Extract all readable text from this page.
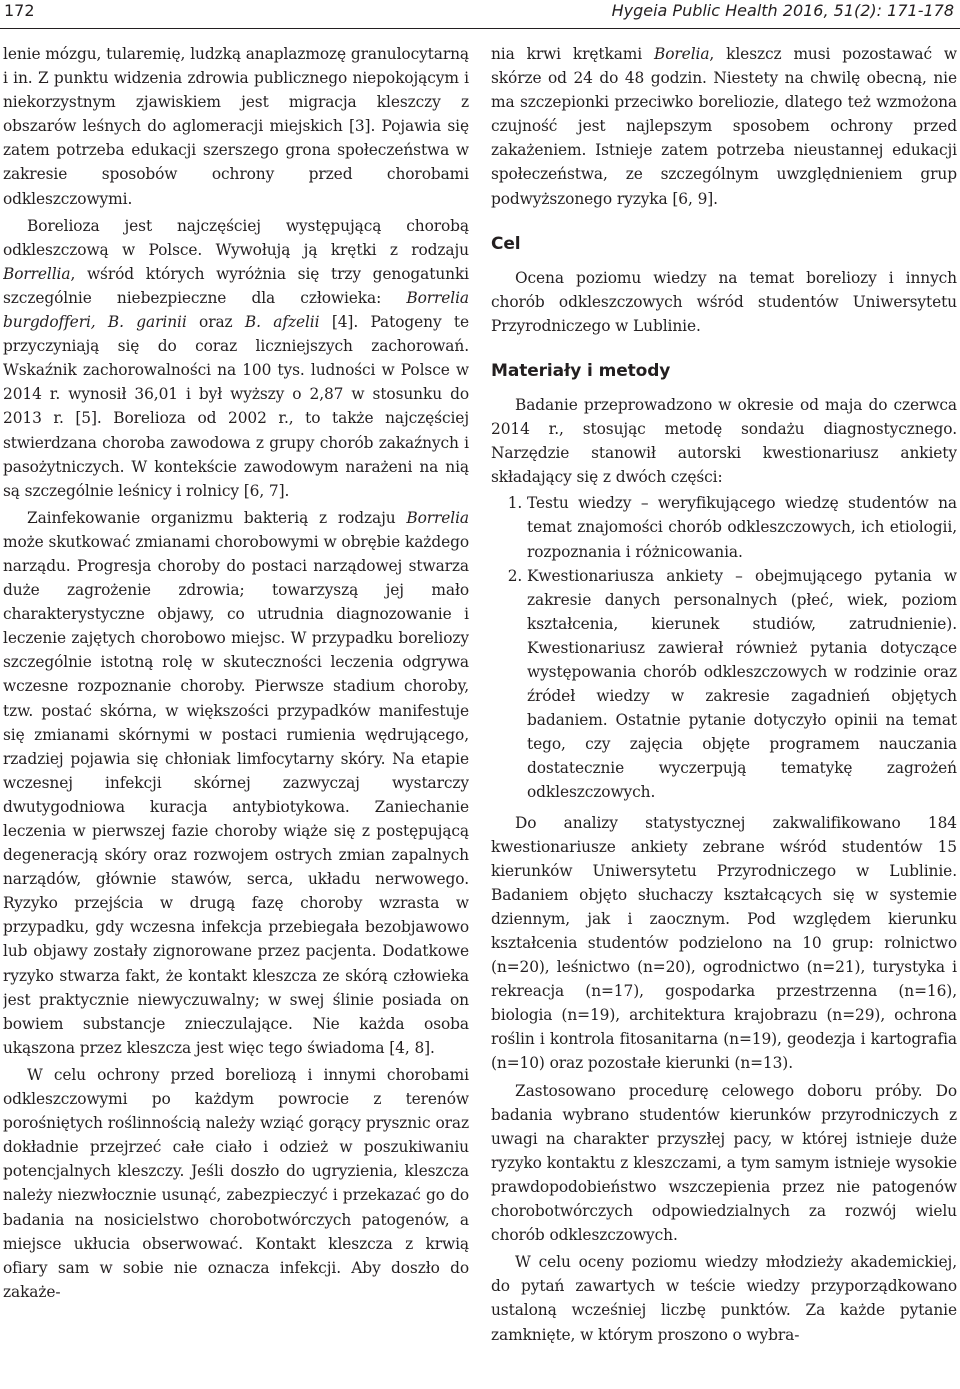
172	Hygeia Public Health 2016, 51(2): 171-178

lenie mózgu, tularemię, ludzką anaplazmozę granulocytarną i in. Z punktu widzenia zdrowia publicznego niepokojącym i niekorzystnym zjawiskiem jest migracja kleszczy z obszarów leśnych do aglomeracji miejskich [3]. Pojawia się zatem potrzeba edukacji szerszego grona społeczeństwa w zakresie sposobów ochrony przed chorobami odkleszczowymi.

Borelioza jest najczęściej występującą chorobą odkleszczową w Polsce. Wywołują ją krętki z rodzaju Borrellia, wśród których wyróżnia się trzy genogatunki szczególnie niebezpieczne dla człowieka: Borrelia burgdofferi, B. garinii oraz B. afzelii [4]. Patogeny te przyczyniają się do coraz liczniejszych zachorowań. Wskaźnik zachorowalności na 100 tys. ludności w Polsce w 2014 r. wynosił 36,01 i był wyższy o 2,87 w stosunku do 2013 r. [5]. Borelioza od 2002 r., to także najczęściej stwierdzana choroba zawodowa z grupy chorób zakaźnych i pasożytniczych. W kontekście zawodowym narażeni na nią są szczególnie leśnicy i rolnicy [6, 7].

Zainfekowanie organizmu bakterią z rodzaju Borrelia może skutkować zmianami chorobowymi w obrębie każdego narządu. Progresja choroby do postaci narządowej stwarza duże zagrożenie zdrowia; towarzyszą jej mało charakterystyczne objawy, co utrudnia diagnozowanie i leczenie zajętych chorobowo miejsc. W przypadku boreliozy szczególnie istotną rolę w skuteczności leczenia odgrywa wczesne rozpoznanie choroby. Pierwsze stadium choroby, tzw. postać skórna, w większości przypadków manifestuje się zmianami skórnymi w postaci rumienia wędrującego, rzadziej pojawia się chłoniak limfocytarny skóry. Na etapie wczesnej infekcji skórnej zazwyczaj wystarczy dwutygodniowa kuracja antybiotykowa. Zaniechanie leczenia w pierwszej fazie choroby wiąże się z postępującą degeneracją skóry oraz rozwojem ostrych zmian zapalnych narządów, głównie stawów, serca, układu nerwowego. Ryzyko przejścia w drugą fazę choroby wzrasta w przypadku, gdy wczesna infekcja przebiegała bezobjawowo lub objawy zostały zignorowane przez pacjenta. Dodatkowe ryzyko stwarza fakt, że kontakt kleszcza ze skórą człowieka jest praktycznie niewyczuwalny; w swej ślinie posiada on bowiem substancje znieczulające. Nie każda osoba ukąszona przez kleszcza jest więc tego świadoma [4, 8].

W celu ochrony przed boreliozą i innymi chorobami odkleszczowymi po każdym powrocie z terenów porośniętych roślinnością należy wziąć gorący prysznic oraz dokładnie przejrzeć całe ciało i odzież w poszukiwaniu potencjalnych kleszczy. Jeśli doszło do ugryzienia, kleszcza należy niezwłocznie usunąć, zabezpieczyć i przekazać go do badania na nosicielstwo chorobotwórczych patogenów, a miejsce ukłucia obserwować. Kontakt kleszcza z krwią ofiary sam w sobie nie oznacza infekcji. Aby doszło do zakaże-

nia krwi krętkami Borelia, kleszcz musi pozostawać w skórze od 24 do 48 godzin. Niestety na chwilę obecną, nie ma szczepionki przeciwko boreliozie, dlatego też wzmożona czujność jest najlepszym sposobem ochrony przed zakażeniem. Istnieje zatem potrzeba nieustannej edukacji społeczeństwa, ze szczególnym uwzględnieniem grup podwyższonego ryzyka [6, 9].

Cel

Ocena poziomu wiedzy na temat boreliozy i innych chorób odkleszczowych wśród studentów Uniwersytetu Przyrodniczego w Lublinie.

Materiały i metody

Badanie przeprowadzono w okresie od maja do czerwca 2014 r., stosując metodę sondażu diagnostycznego. Narzędzie stanowił autorski kwestionariusz ankiety składający się z dwóch części:

1. Testu wiedzy – weryfikującego wiedzę studentów na temat znajomości chorób odkleszczowych, ich etiologii, rozpoznania i różnicowania.
2. Kwestionariusza ankiety – obejmującego pytania w zakresie danych personalnych (płeć, wiek, poziom kształcenia, kierunek studiów, zatrudnienie). Kwestionariusz zawierał również pytania dotyczące występowania chorób odkleszczowych w rodzinie oraz źródeł wiedzy w zakresie zagadnień objętych badaniem. Ostatnie pytanie dotyczyło opinii na temat tego, czy zajęcia objęte programem nauczania dostatecznie wyczerpują tematykę zagrożeń odkleszczowych.

Do analizy statystycznej zakwalifikowano 184 kwestionariusze ankiety zebrane wśród studentów 15 kierunków Uniwersytetu Przyrodniczego w Lublinie. Badaniem objęto słuchaczy kształcących się w systemie dziennym, jak i zaocznym. Pod względem kierunku kształcenia studentów podzielono na 10 grup: rolnictwo (n=20), leśnictwo (n=20), ogrodnictwo (n=21), turystyka i rekreacja (n=17), gospodarka przestrzenna (n=16), biologia (n=19), architektura krajobrazu (n=29), ochrona roślin i kontrola fitosanitarna (n=19), geodezja i kartografia (n=10) oraz pozostałe kierunki (n=13).

Zastosowano procedurę celowego doboru próby. Do badania wybrano studentów kierunków przyrodniczych z uwagi na charakter przyszłej pacy, w której istnieje duże ryzyko kontaktu z kleszczami, a tym samym istnieje wysokie prawdopodobieństwo wszczepienia przez nie patogenów chorobotwórczych odpowiedzialnych za rozwój wielu chorób odkleszczowych.

W celu oceny poziomu wiedzy młodzieży akademickiej, do pytań zawartych w teście wiedzy przyporządkowano ustaloną wcześniej liczbę punktów. Za każde pytanie zamknięte, w którym proszono o wybra-
